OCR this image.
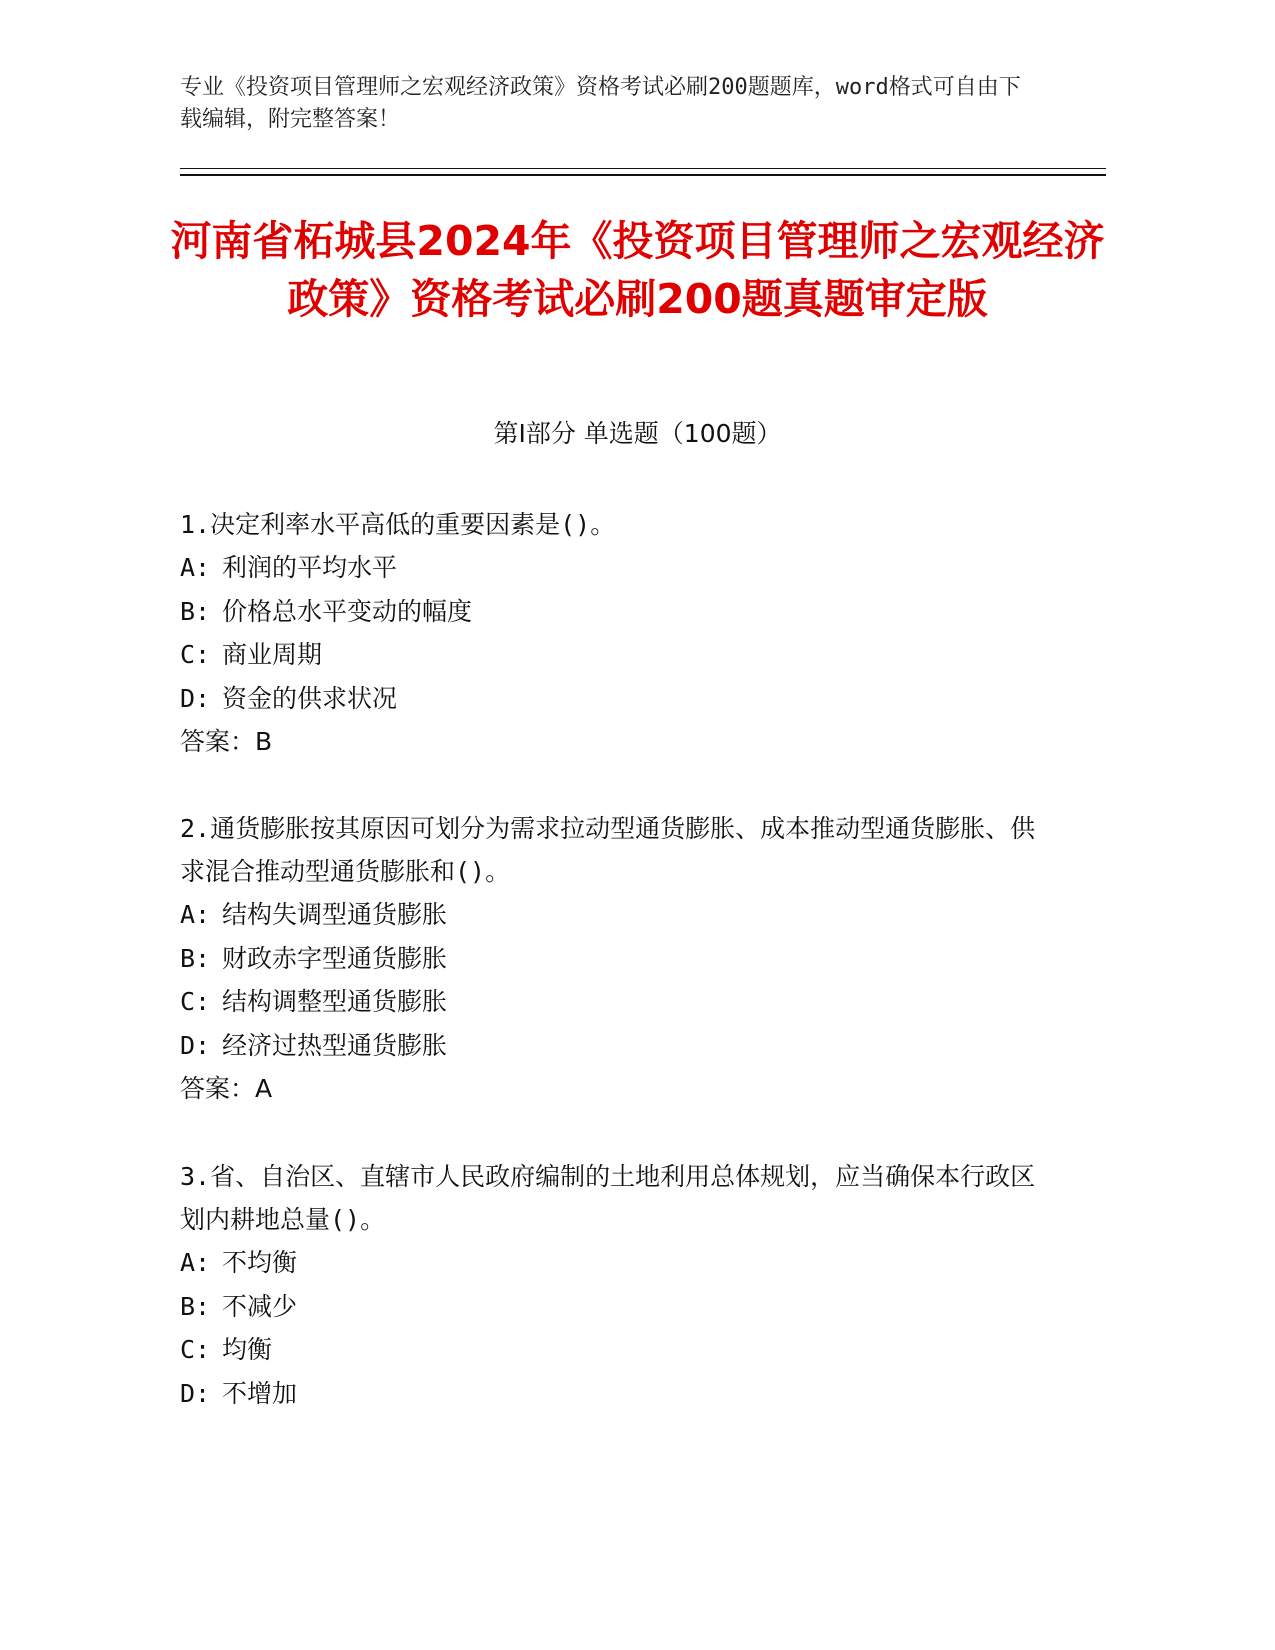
专业《投资项目管理师之宏观经济政策》资格考试必刷200题题库，word格式可自由下载编辑，附完整答案！
河南省柘城县2024年《投资项目管理师之宏观经济政策》资格考试必刷200题真题审定版
第Ⅰ部分 单选题（100题）
1.决定利率水平高低的重要因素是()。
A: 利润的平均水平
B: 价格总水平变动的幅度
C: 商业周期
D: 资金的供求状况
答案：B
2.通货膨胀按其原因可划分为需求拉动型通货膨胀、成本推动型通货膨胀、供求混合推动型通货膨胀和()。
A: 结构失调型通货膨胀
B: 财政赤字型通货膨胀
C: 结构调整型通货膨胀
D: 经济过热型通货膨胀
答案：A
3.省、自治区、直辖市人民政府编制的土地利用总体规划，应当确保本行政区划内耕地总量()。
A: 不均衡
B: 不减少
C: 均衡
D: 不增加
